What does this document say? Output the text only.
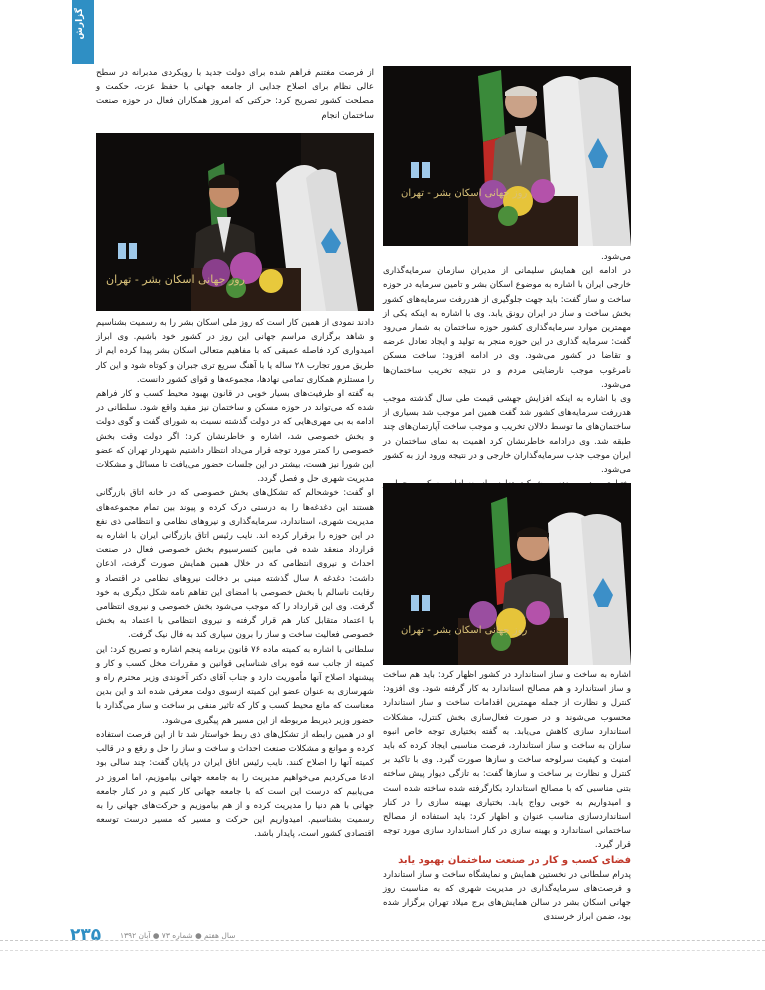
گزارش

از فرصت مغتنم فراهم شده برای دولت جدید با رویکردی مدبرانه در سطح عالی نظام برای اصلاح جدایی از جامعه جهانی با حفظ عزت، حکمت و مصلحت کشور تصریح کرد: حرکتی که امروز همکاران فعال در حوزه صنعت ساختمان انجام

روز جهانی اسکان بشر - تهران

دادند نمودی از همین کار است که روز ملی اسکان بشر را به رسمیت بشناسیم و شاهد برگزاری مراسم جهانی این روز در کشور خود باشیم. وی ابراز امیدواری کرد فاصله عمیقی که با مفاهیم متعالی اسکان بشر پیدا کرده ایم از طریق مرور تجارب ۲۸ ساله یا با آهنگ سریع تری جبران و کوتاه شود و این کار را مستلزم همکاری تمامی نهادها، مجموعه‌ها و قوای کشور دانست.

به گفته او ظرفیت‌های بسیار خوبی در قانون بهبود محیط کسب و کار فراهم شده که می‌تواند در حوزه مسکن و ساختمان نیز مفید واقع شود. سلطانی در ادامه به بی مهری‌هایی که در دولت گذشته نسبت به شورای گفت و گوی دولت و بخش خصوصی شد، اشاره و خاطرنشان کرد: اگر دولت وقت بخش خصوصی را کمتر مورد توجه قرار می‌داد انتظار داشتیم شهردار تهران که عضو این شورا نیز هست، بیشتر در این جلسات حضور می‌یافت تا مسائل و مشکلات مدیریت شهری حل و فصل گردد.

او گفت: خوشحالم که تشکل‌های بخش خصوصی که در خانه اتاق بازرگانی هستند این دغدغه‌ها را به درستی درک کرده و پیوند بین تمام مجموعه‌های مدیریت شهری، استاندارد، سرمایه‌گذاری و نیروهای نظامی و انتظامی ذی نفع در این حوزه را برقرار کرده اند. نایب رئیس اتاق بازرگانی ایران با اشاره به قرارداد منعقد شده فی مابین کنسرسیوم بخش خصوصی فعال در صنعت احداث و نیروی انتظامی که در خلال همین همایش صورت گرفت، اذعان داشت: دغدغه ۸ سال گذشته مبنی بر دخالت نیروهای نظامی در اقتصاد و رقابت ناسالم با بخش خصوصی با امضای این تفاهم نامه شکل دیگری به خود گرفت. وی این قرارداد را که موجب می‌شود بخش خصوصی و نیروی انتظامی با اعتماد متقابل کنار هم قرار گرفته و نیروی انتظامی با اعتماد به بخش خصوصی فعالیت ساخت و ساز را برون سپاری کند به فال نیک گرفت.

سلطانی با اشاره به کمیته ماده ۷۶ قانون برنامه پنجم اشاره و تصریح کرد: این کمیته از جانب سه قوه برای شناسایی قوانین و مقررات مخل کسب و کار و پیشنهاد اصلاح آنها مأموریت دارد و جناب آقای دکتر آخوندی وزیر محترم راه و شهرسازی به عنوان عضو این کمیته ازسوی دولت معرفی شده اند و این بدین معناست که مانع محیط کسب و کار که تاثیر منفی بر ساخت و ساز می‌گذارد با حضور وزیر ذیربط مربوطه از این مسیر هم پیگیری می‌شود.

او در همین رابطه از تشکل‌های ذی ربط خواستار شد تا از این فرصت استفاده کرده و موانع و مشکلات صنعت احداث و ساخت و ساز را حل و رفع و در قالب کمیته آنها را اصلاح کنند. نایب رئیس اتاق ایران در پایان گفت: چند سالی بود ادعا می‌کردیم می‌خواهیم مدیریت را به جامعه جهانی بیاموزیم، اما امروز در می‌یابیم که درست این است که با جامعه جهانی کار کنیم و در کنار جامعه جهانی با هم دنیا را مدیریت کرده و از هم بیاموزیم و حرکت‌های جهانی را به رسمیت بشناسیم. امیدواریم این حرکت و مسیر که مسیر درست توسعه اقتصادی کشور است، پایدار باشد.

روز جهانی اسکان بشر - تهران

می‌شود.

در ادامه این همایش سلیمانی از مدیران سازمان سرمایه‌گذاری خارجی ایران با اشاره به موضوع اسکان بشر و تامین سرمایه در حوزه ساخت و ساز گفت: باید جهت جلوگیری از هدررفت سرمایه‌های کشور بخش ساخت و ساز در ایران رونق یابد. وی با اشاره به اینکه یکی از مهمترین موارد سرمایه‌گذاری کشور حوزه ساختمان به شمار می‌رود گفت: سرمایه گذاری در این حوزه منجر به تولید و ایجاد تعادل عرضه و تقاضا در کشور می‌شود. وی در ادامه افزود: ساخت مسکن نامرغوب موجب نارضایتی مردم و در نتیجه تخریب ساختمان‌ها می‌شود.

وی با اشاره به اینکه افزایش جهشی قیمت طی سال گذشته موجب هدررفت سرمایه‌های کشور شد گفت همین امر موجب شد بسیاری از ساختمان‌های ما توسط دلالان تخریب و موجب ساخت آپارتمان‌های چند طبقه شد. وی درادامه خاطرنشان کرد اهمیت به نمای ساختمان در ایران موجب جذب سرمایه‌گذاران خارجی و در نتیجه ورود ارز به کشور می‌شود.

روز جهانی اسکان بشر - تهران

اشاره به ساخت و ساز استاندارد در کشور اظهار کرد: باید هم ساخت و ساز استاندارد و هم مصالح استاندارد به کار گرفته شود. وی افزود: کنترل و نظارت از جمله مهمترین اقدامات ساخت و ساز استاندارد محسوب می‌شوند و در صورت فعال‌سازی بخش کنترل، مشکلات استاندارد سازی کاهش می‌یابد. به گفته بختیاری توجه خاص انبوه سازان به ساخت و ساز استاندارد، فرصت مناسبی ایجاد کرده که باید امنیت و کیفیت سرلوحه ساخت و سازها صورت گیرد. وی با تاکید بر کنترل و نظارت بر ساخت و سازها گفت: به تازگی دیوار پیش ساخته بتنی مناسبی که با مصالح استاندارد بکارگرفته شده ساخته شده است و امیدواریم به خوبی رواج یابد. بختیاری بهینه سازی را در کنار استانداردسازی مناسب عنوان و اظهار کرد: باید استفاده از مصالح ساختمانی استاندارد و بهینه سازی در کنار استاندارد سازی مورد توجه قرار گیرد.

فضای کسب و کار در صنعت ساختمان بهبود یابد

پدرام سلطانی در نخستین همایش و نمایشگاه ساخت و ساز استاندارد و فرصت‌های سرمایه‌گذاری در مدیریت شهری که به مناسبت روز جهانی اسکان بشر در سالن همایش‌های برج میلاد تهران برگزار شده بود، ضمن ابراز خرسندی

۲۳۵	سال هفتم ● شماره ۷۳ ● آبان ۱۳۹۲
